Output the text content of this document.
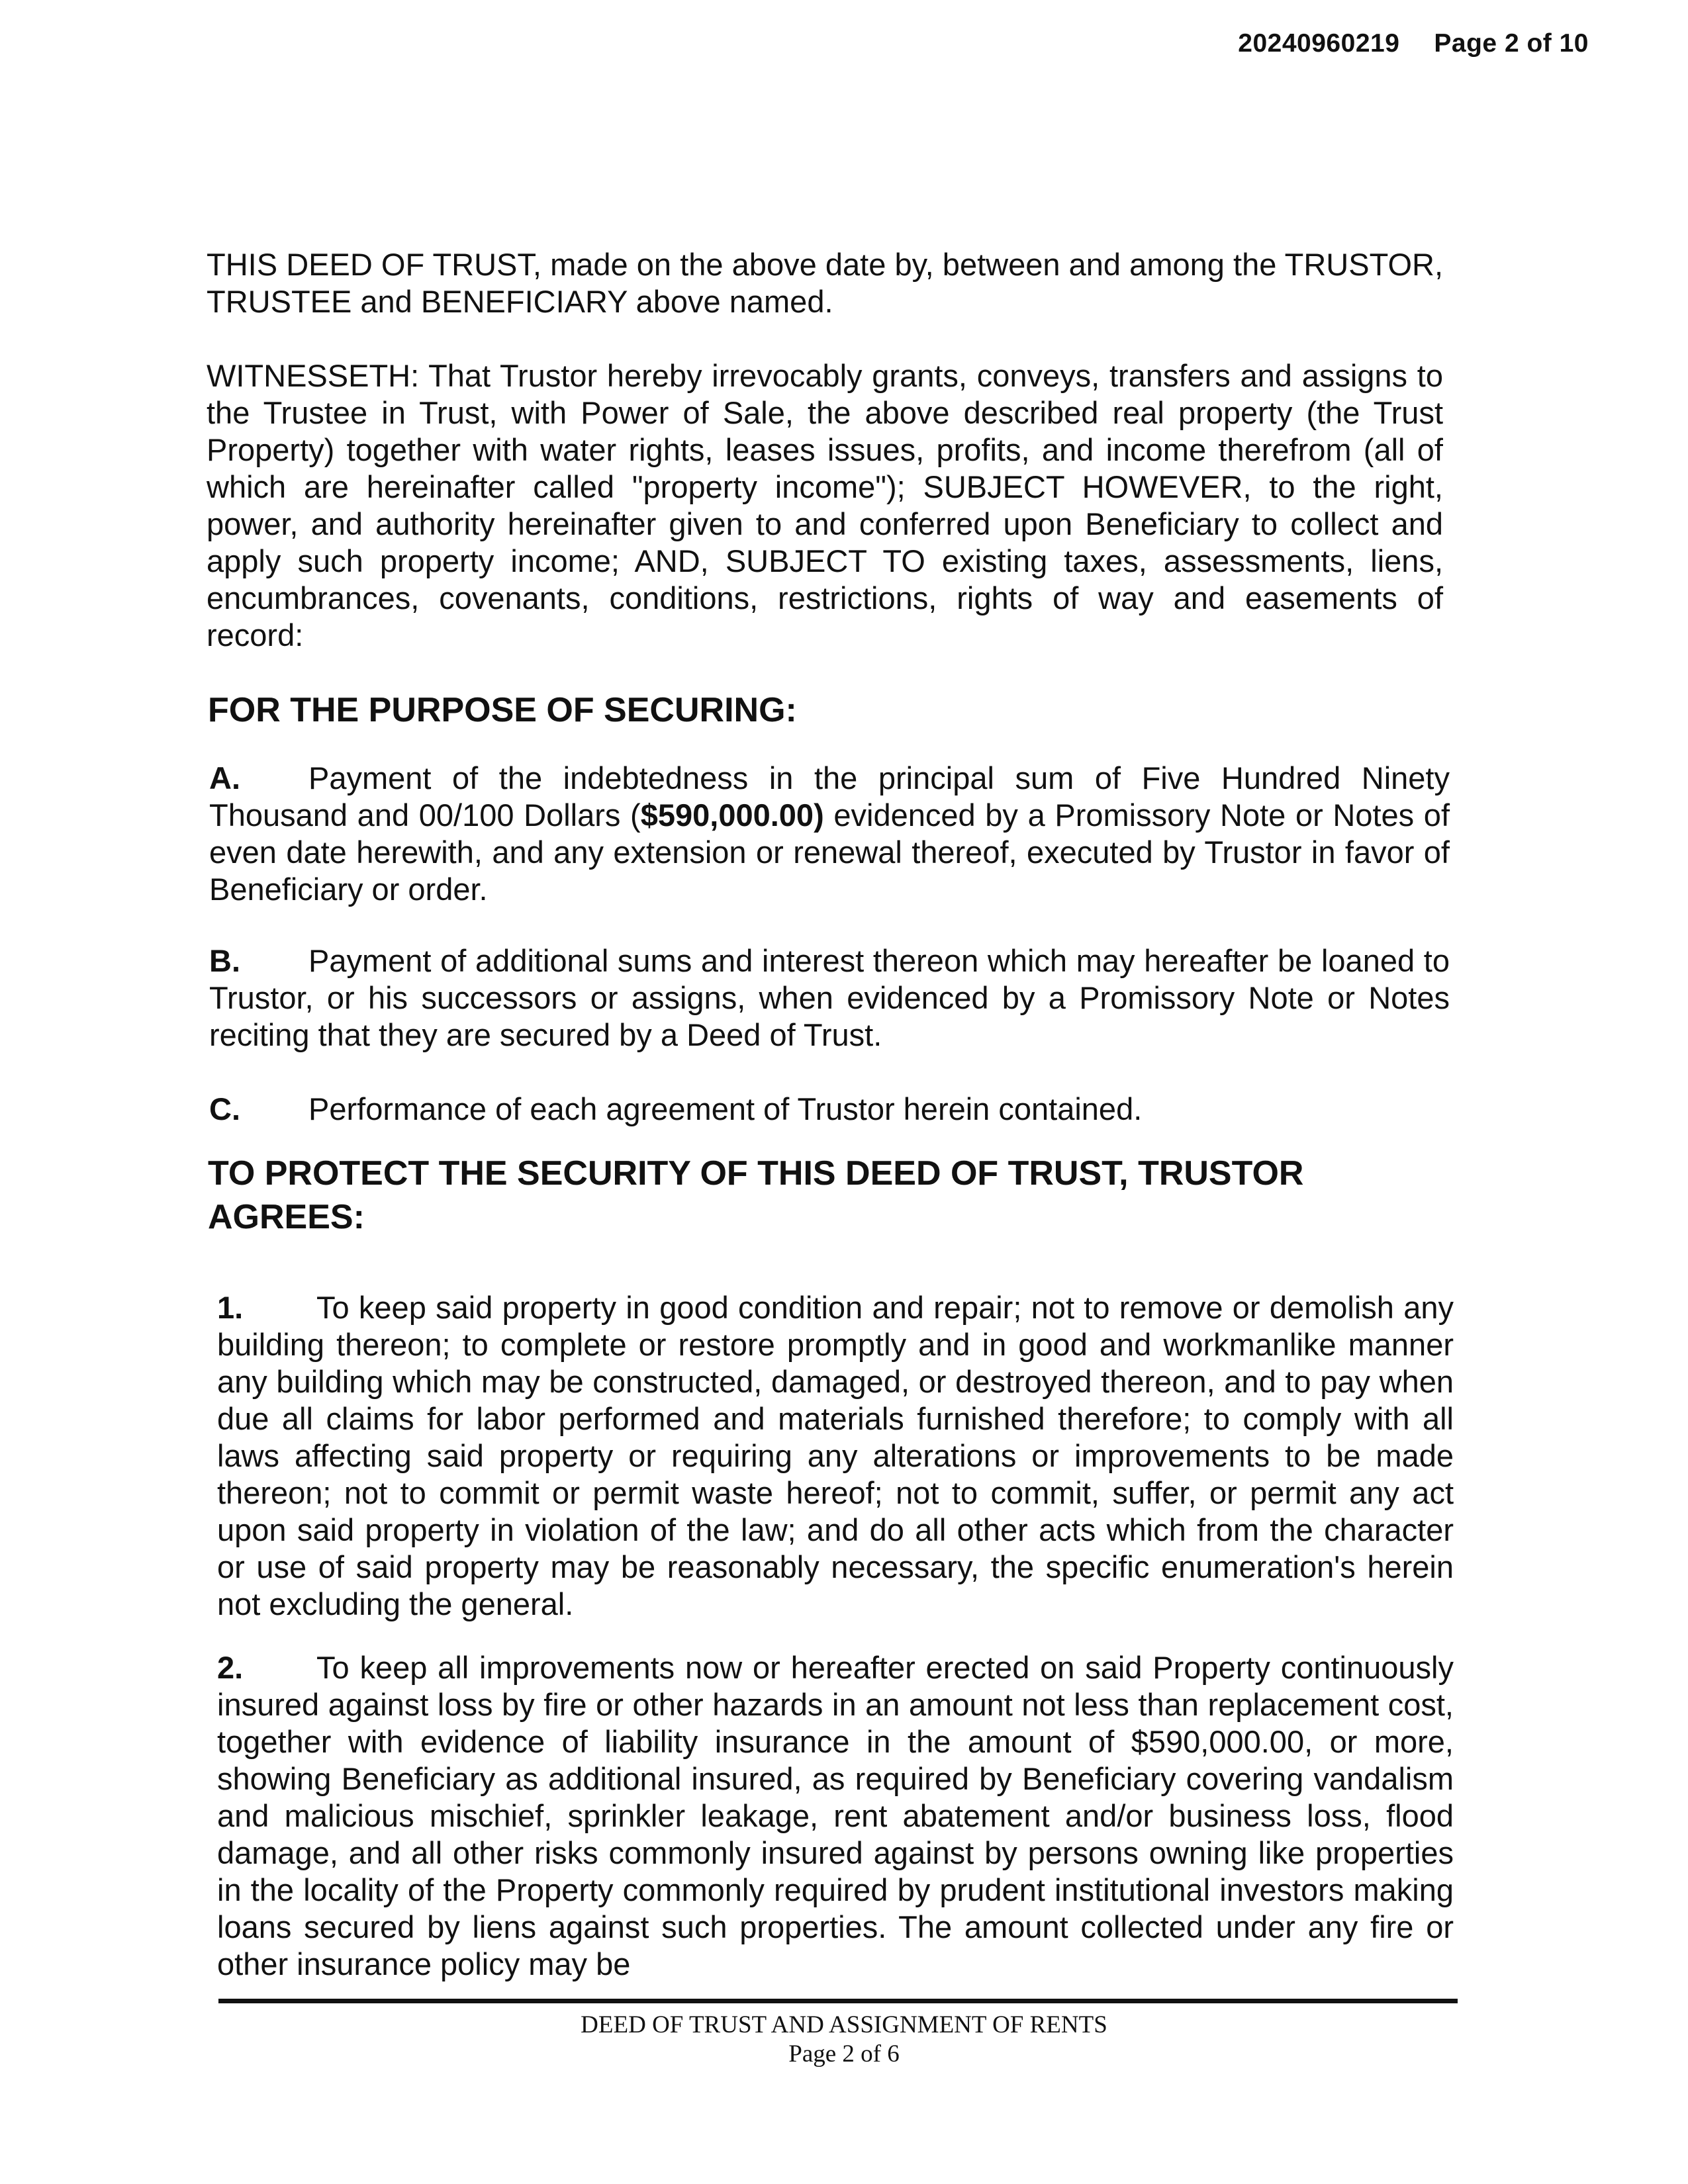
20240960219 Page 2 of 10
THIS DEED OF TRUST, made on the above date by, between and among the TRUSTOR, TRUSTEE and BENEFICIARY above named.
WITNESSETH: That Trustor hereby irrevocably grants, conveys, transfers and assigns to the Trustee in Trust, with Power of Sale, the above described real property (the Trust Property) together with water rights, leases issues, profits, and income therefrom (all of which are hereinafter called "property income"); SUBJECT HOWEVER, to the right, power, and authority hereinafter given to and conferred upon Beneficiary to collect and apply such property income; AND, SUBJECT TO existing taxes, assessments, liens, encumbrances, covenants, conditions, restrictions, rights of way and easements of record:
FOR THE PURPOSE OF SECURING:
A. Payment of the indebtedness in the principal sum of Five Hundred Ninety Thousand and 00/100 Dollars ($590,000.00) evidenced by a Promissory Note or Notes of even date herewith, and any extension or renewal thereof, executed by Trustor in favor of Beneficiary or order.
B. Payment of additional sums and interest thereon which may hereafter be loaned to Trustor, or his successors or assigns, when evidenced by a Promissory Note or Notes reciting that they are secured by a Deed of Trust.
C. Performance of each agreement of Trustor herein contained.
TO PROTECT THE SECURITY OF THIS DEED OF TRUST, TRUSTOR AGREES:
1. To keep said property in good condition and repair; not to remove or demolish any building thereon; to complete or restore promptly and in good and workmanlike manner any building which may be constructed, damaged, or destroyed thereon, and to pay when due all claims for labor performed and materials furnished therefore; to comply with all laws affecting said property or requiring any alterations or improvements to be made thereon; not to commit or permit waste hereof; not to commit, suffer, or permit any act upon said property in violation of the law; and do all other acts which from the character or use of said property may be reasonably necessary, the specific enumeration's herein not excluding the general.
2. To keep all improvements now or hereafter erected on said Property continuously insured against loss by fire or other hazards in an amount not less than replacement cost, together with evidence of liability insurance in the amount of $590,000.00, or more, showing Beneficiary as additional insured, as required by Beneficiary covering vandalism and malicious mischief, sprinkler leakage, rent abatement and/or business loss, flood damage, and all other risks commonly insured against by persons owning like properties in the locality of the Property commonly required by prudent institutional investors making loans secured by liens against such properties. The amount collected under any fire or other insurance policy may be
DEED OF TRUST AND ASSIGNMENT OF RENTS
Page 2 of 6
